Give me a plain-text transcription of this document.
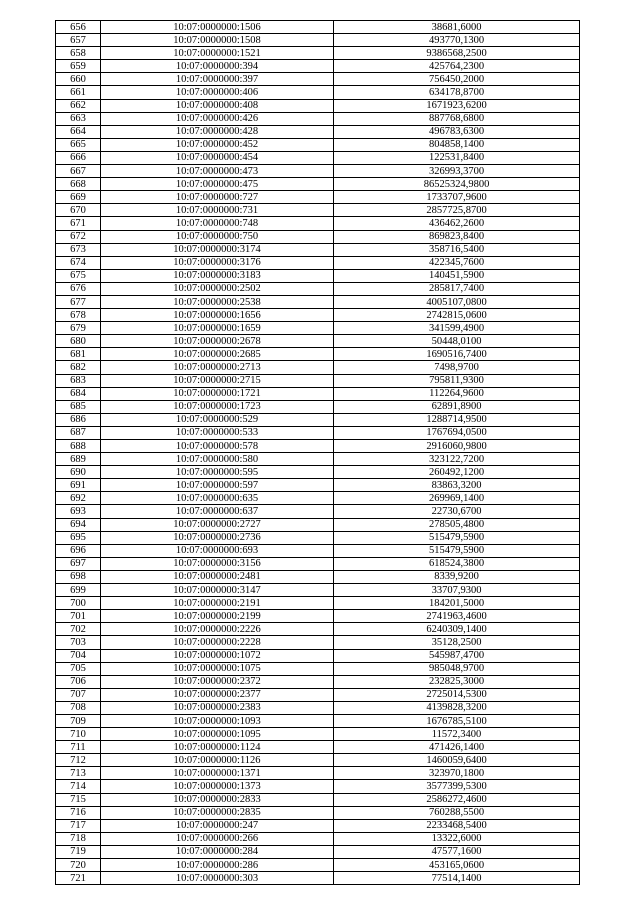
656	10:07:0000000:1506	38681,6000
657	10:07:0000000:1508	493770,1300
658	10:07:0000000:1521	9386568,2500
659	10:07:0000000:394	425764,2300
660	10:07:0000000:397	756450,2000
661	10:07:0000000:406	634178,8700
662	10:07:0000000:408	1671923,6200
663	10:07:0000000:426	887768,6800
664	10:07:0000000:428	496783,6300
665	10:07:0000000:452	804858,1400
666	10:07:0000000:454	122531,8400
667	10:07:0000000:473	326993,3700
668	10:07:0000000:475	86525324,9800
669	10:07:0000000:727	1733707,9600
670	10:07:0000000:731	2857725,8700
671	10:07:0000000:748	436462,2600
672	10:07:0000000:750	869823,8400
673	10:07:0000000:3174	358716,5400
674	10:07:0000000:3176	422345,7600
675	10:07:0000000:3183	140451,5900
676	10:07:0000000:2502	285817,7400
677	10:07:0000000:2538	4005107,0800
678	10:07:0000000:1656	2742815,0600
679	10:07:0000000:1659	341599,4900
680	10:07:0000000:2678	50448,0100
681	10:07:0000000:2685	1690516,7400
682	10:07:0000000:2713	7498,9700
683	10:07:0000000:2715	795811,9300
684	10:07:0000000:1721	112264,9600
685	10:07:0000000:1723	62891,8900
686	10:07:0000000:529	1288714,9500
687	10:07:0000000:533	1767694,0500
688	10:07:0000000:578	2916060,9800
689	10:07:0000000:580	323122,7200
690	10:07:0000000:595	260492,1200
691	10:07:0000000:597	83863,3200
692	10:07:0000000:635	269969,1400
693	10:07:0000000:637	22730,6700
694	10:07:0000000:2727	278505,4800
695	10:07:0000000:2736	515479,5900
696	10:07:0000000:693	515479,5900
697	10:07:0000000:3156	618524,3800
698	10:07:0000000:2481	8339,9200
699	10:07:0000000:3147	33707,9300
700	10:07:0000000:2191	184201,5000
701	10:07:0000000:2199	2741963,4600
702	10:07:0000000:2226	6240309,1400
703	10:07:0000000:2228	35128,2500
704	10:07:0000000:1072	545987,4700
705	10:07:0000000:1075	985048,9700
706	10:07:0000000:2372	232825,3000
707	10:07:0000000:2377	2725014,5300
708	10:07:0000000:2383	4139828,3200
709	10:07:0000000:1093	1676785,5100
710	10:07:0000000:1095	11572,3400
711	10:07:0000000:1124	471426,1400
712	10:07:0000000:1126	1460059,6400
713	10:07:0000000:1371	323970,1800
714	10:07:0000000:1373	3577399,5300
715	10:07:0000000:2833	2586272,4600
716	10:07:0000000:2835	760288,5500
717	10:07:0000000:247	2233468,5400
718	10:07:0000000:266	13322,6000
719	10:07:0000000:284	47577,1600
720	10:07:0000000:286	453165,0600
721	10:07:0000000:303	77514,1400
